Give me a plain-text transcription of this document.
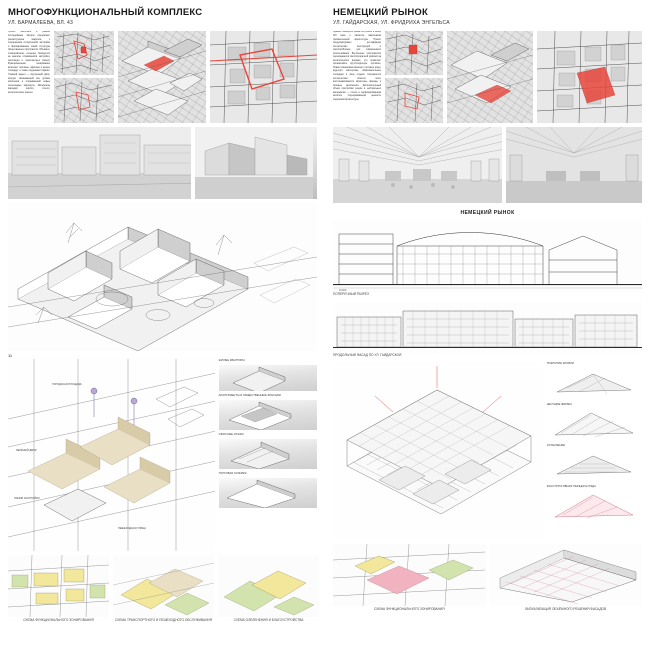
МНОГОФУНКЦИОНАЛЬНЫЙ КОМПЛЕКС
УЛ. БАРМАЛЕЕВА, ВЛ. 43
Проект выполнен в рамках исследования. Авторы предлагают реконструкцию квартала с сохранением исторической застройки и формированием новой структуры общественных пространств. Объёмно-планировочное решение базируется на анализе сложившейся застройки, инсоляции и транспортных связей. Функциональное зонирование включает торговые, офисные и жилые площади, а также подземный паркинг. Главный акцент — внутренний двор-атриум, связывающий все уровни комплекса и открывающий новые пешеходные маршруты. Материалы фасадов: кирпич, стекло, металлические панели.
11
ГОРОДСКАЯ ПЛОЩАДЬ
ЗЕЛЁНЫЙ ДВОР
ЛИНИЯ ЗАСТРОЙКИ
ПЕШЕХОДНАЯ УЛИЦА
ЖИЛЫЕ КВАРТИРЫ
АПАРТАМЕНТЫ И ОБЩЕСТВЕННЫЕ ФУНКЦИИ
ОФИСНЫЕ ЭТАЖИ
ТОРГОВАЯ ГАЛЕРЕЯ
СХЕМА ФУНКЦИОНАЛЬНОГО ЗОНИРОВАНИЯ	СХЕМА ТРАНСПОРТНОГО И ПЕШЕХОДНОГО ОБСЛУЖИВАНИЯ	СХЕМА ОЗЕЛЕНЕНИЯ И БЛАГОУСТРОЙСТВА
НЕМЕЦКИЙ РЫНОК
УЛ. ГАЙДАРСКАЯ, УЛ. ФРИДРИХА ЭНГЕЛЬСА
Здание Немецкого рынка построено в конце XIX века и является памятником промышленной архитектуры. Проект предусматривает реставрацию исторических конструкций и приспособление для современного использования. Внутреннее пространство перекрывается светопрозрачной кровлей на металлических фермах, что позволяет организовать круглогодичную торговлю. Новая планировка включает торговые ряды, фуд-корт, мастерские, образовательные площадки и зоны отдыха. Сохраняется историческая отметка пола, восстанавливаются кирпичные фасады и оконные заполнения. Дополнительный объём пристройки решён в нейтральных материалах — стекле и перфорированном металле, подчёркивающих ценность подлинной архитектуры.
НЕМЕЦКИЙ РЫНОК
±0.000
ПОПЕРЕЧНЫЙ РАЗРЕЗ
ПРОДОЛЬНЫЙ ФАСАД ПО УЛ. ГАЙДАРСКОЙ
ПОКРЫТИЕ КРОВЛИ
НЕСУЩИЕ ФЕРМЫ
ОСТЕКЛЕНИЕ
КОНСТРУКТИВНАЯ ПЕРЕДАЧА РЯДА
СХЕМА ФУНКЦИОНАЛЬНОГО ЗОНИРОВАНИЯ	ВИЗУАЛИЗАЦИЯ ОБЪЁМНОГО РЕШЕНИЯ ФАСАДОВ
